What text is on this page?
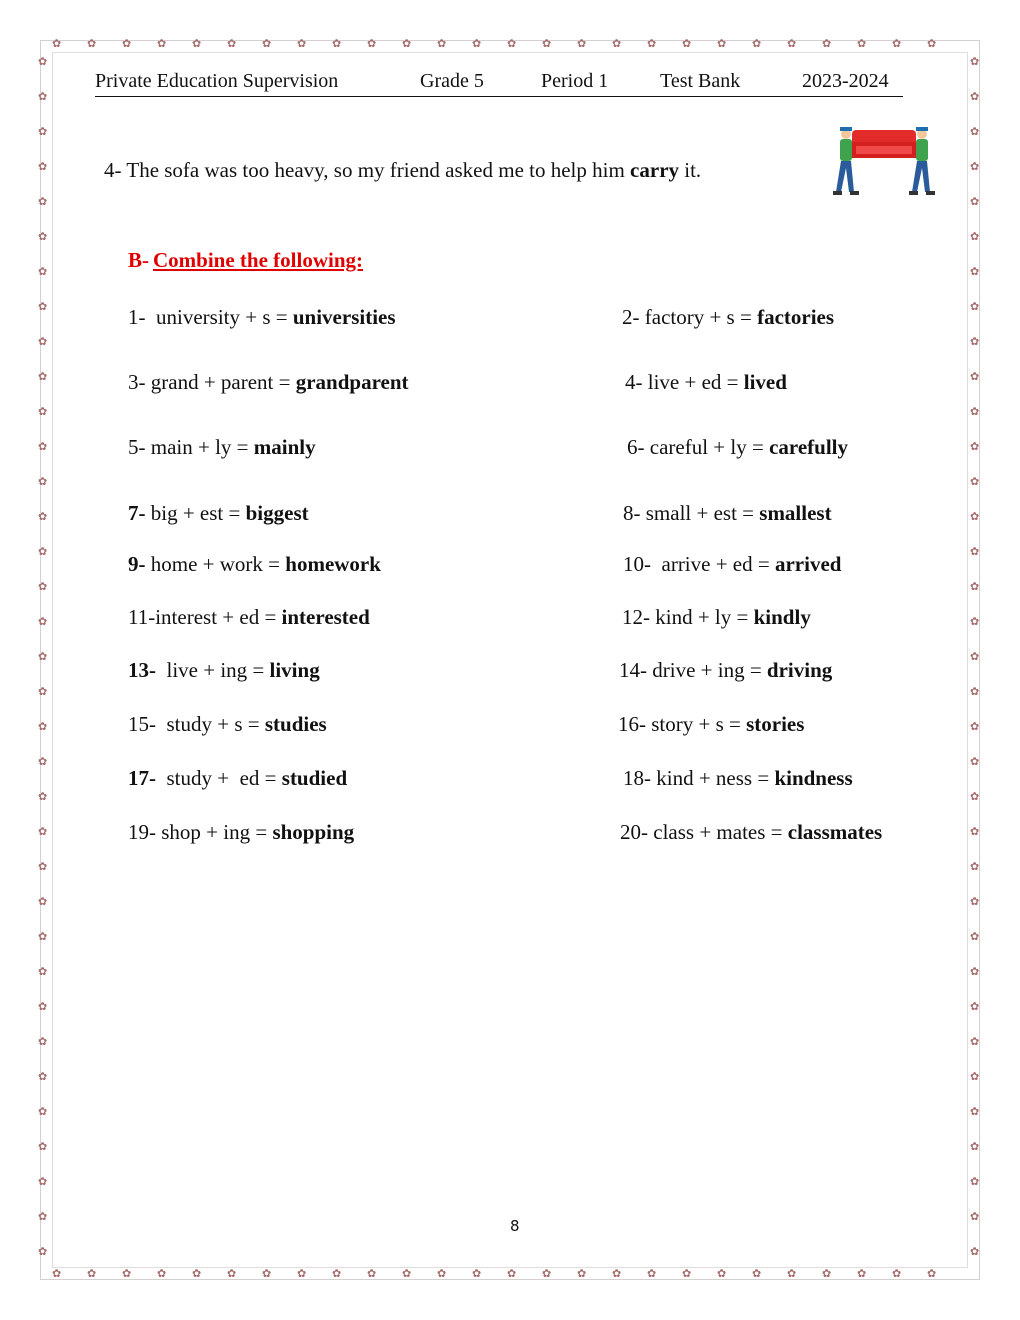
✿
✿
✿
✿
✿
✿
✿
✿
✿
✿
✿
✿
✿
✿
✿
✿
✿
✿
✿
✿
✿
✿
✿
✿
✿
✿
✿
✿
✿
✿
✿
✿
✿
✿
✿
✿
✿
✿
✿
✿
✿
✿
✿
✿
✿
✿
✿
✿
✿
✿
✿
✿
✿	✿
✿	✿
✿	✿
✿	✿
✿	✿
✿	✿
✿	✿
✿	✿
✿	✿
✿	✿
✿	✿
✿	✿
✿	✿
✿	✿
✿	✿
✿	✿
✿	✿
✿	✿
✿	✿
✿	✿
✿	✿
✿	✿
✿	✿
✿	✿
✿	✿
✿	✿
✿	✿
✿	✿
✿	✿
✿	✿
✿	✿
✿	✿
✿	✿
✿	✿
✿	✿
Private Education Supervision	Grade 5	Period 1	Test Bank	2023-2024
4- The sofa was too heavy, so my friend asked me to help him carry it.
B- Combine the following:
1-  university + s = universities	2- factory + s = factories
3- grand + parent = grandparent	4- live + ed = lived
5- main + ly = mainly	6- careful + ly = carefully
7- big + est = biggest	8- small + est = smallest
9- home + work = homework	10-  arrive + ed = arrived
11-interest + ed = interested	12- kind + ly = kindly
13-  live + ing = living	14- drive + ing = driving
15-  study + s = studies	16- story + s = stories
17-  study +  ed = studied	18- kind + ness = kindness
19- shop + ing = shopping	20- class + mates = classmates
8
